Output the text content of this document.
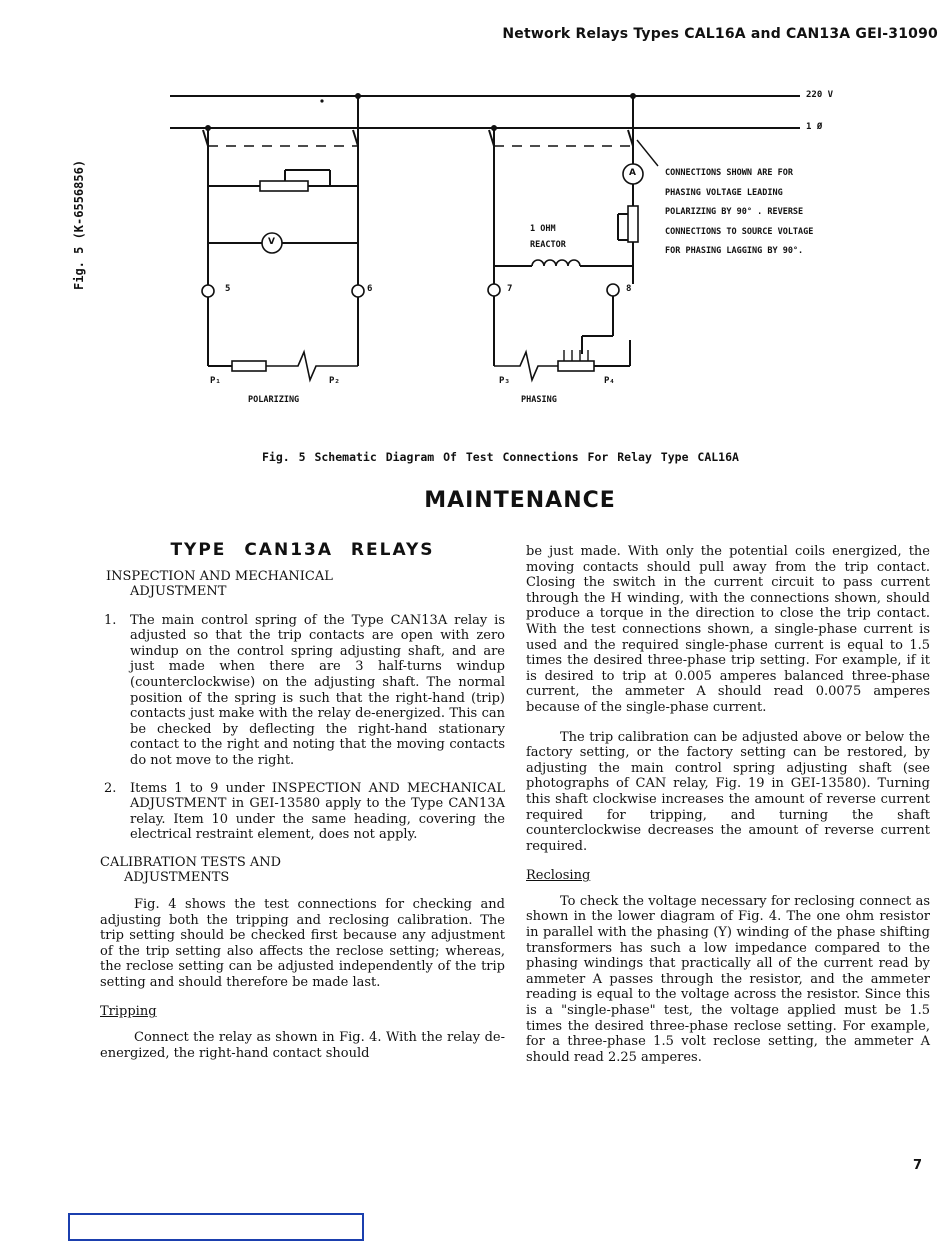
Network Relays Types CAL16A and CAN13A GEI-31090
Fig. 5 (K-6556856)
220 V
1 Ø
V
A
1 OHM
REACTOR
5	6	7	8
P₁	P₂	P₃	P₄
POLARIZING	PHASING
CONNECTIONS SHOWN ARE FOR
PHASING VOLTAGE LEADING
POLARIZING BY 90° . REVERSE
CONNECTIONS TO SOURCE VOLTAGE
FOR PHASING LAGGING BY 90°.
Fig. 5 Schematic Diagram Of Test Connections For Relay Type CAL16A
MAINTENANCE
TYPE CAN13A RELAYS
INSPECTION AND MECHANICAL
ADJUSTMENT
1.	The main control spring of the Type CAN13A relay is adjusted so that the trip contacts are open with zero windup on the control spring adjusting shaft, and are just made when there are 3 half-turns windup (counterclockwise) on the adjusting shaft. The normal position of the spring is such that the right-hand (trip) contacts just make with the relay de-energized. This can be checked by deflecting the right-hand stationary contact to the right and noting that the moving contacts do not move to the right.
2.	Items 1 to 9 under INSPECTION AND MECHANICAL ADJUSTMENT in GEI-13580 apply to the Type CAN13A relay. Item 10 under the same heading, covering the electrical restraint element, does not apply.
CALIBRATION TESTS AND
ADJUSTMENTS

Fig. 4 shows the test connections for checking and adjusting both the tripping and reclosing calibration. The trip setting should be checked first because any adjustment of the trip setting also affects the reclose setting; whereas, the reclose setting can be adjusted independently of the trip setting and should therefore be made last.

Tripping

Connect the relay as shown in Fig. 4. With the relay de-energized, the right-hand contact should

be just made. With only the potential coils energized, the moving contacts should pull away from the trip contact. Closing the switch in the current circuit to pass current through the H winding, with the connections shown, should produce a torque in the direction to close the trip contact. With the test connections shown, a single-phase current is used and the required single-phase current is equal to 1.5 times the desired three-phase trip setting. For example, if it is desired to trip at 0.005 amperes balanced three-phase current, the ammeter A should read 0.0075 amperes because of the single-phase current.

The trip calibration can be adjusted above or below the factory setting, or the factory setting can be restored, by adjusting the main control spring adjusting shaft (see photographs of CAN relay, Fig. 19 in GEI-13580). Turning this shaft clockwise increases the amount of reverse current required for tripping, and turning the shaft counterclockwise decreases the amount of reverse current required.

Reclosing

To check the voltage necessary for reclosing connect as shown in the lower diagram of Fig. 4. The one ohm resistor in parallel with the phasing (Y) winding of the phase shifting transformers has such a low impedance compared to the phasing windings that practically all of the current read by ammeter A passes through the resistor, and the ammeter reading is equal to the voltage across the resistor. Since this is a "single-phase" test, the voltage applied must be 1.5 times the desired three-phase reclose setting. For example, for a three-phase 1.5 volt reclose setting, the ammeter A should read 2.25 amperes.

7
